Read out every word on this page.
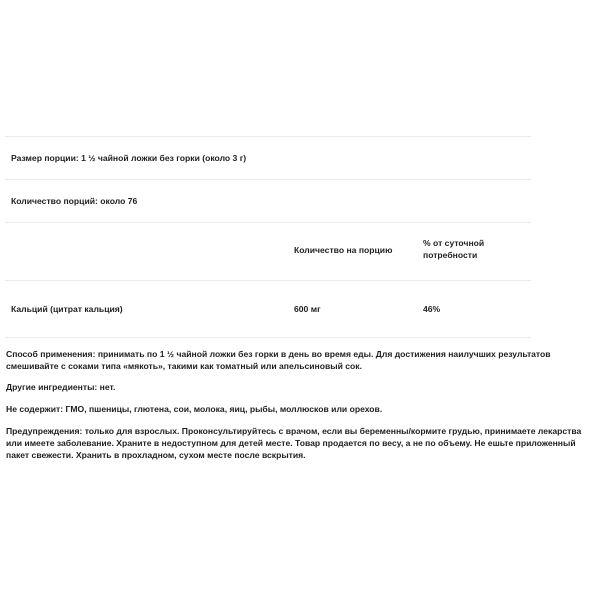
Размер порции: 1 ½ чайной ложки без горки (около 3 г)
Количество порций: около 76
Количество на порцию
% от суточной потребности
Кальций (цитрат кальция)	600 мг	46%

Способ применения: принимать по 1 ½ чайной ложки без горки в день во время еды. Для достижения наилучших результатов смешивайте с соками типа «мякоть», такими как томатный или апельсиновый сок.

Другие ингредиенты: нет.

Не содержит: ГМО, пшеницы, глютена, сои, молока, яиц, рыбы, моллюсков или орехов.

Предупреждения: только для взрослых. Проконсультируйтесь с врачом, если вы беременны/кормите грудью, принимаете лекарства или имеете заболевание. Храните в недоступном для детей месте. Товар продается по весу, а не по объему. Не ешьте приложенный пакет свежести. Хранить в прохладном, сухом месте после вскрытия.
